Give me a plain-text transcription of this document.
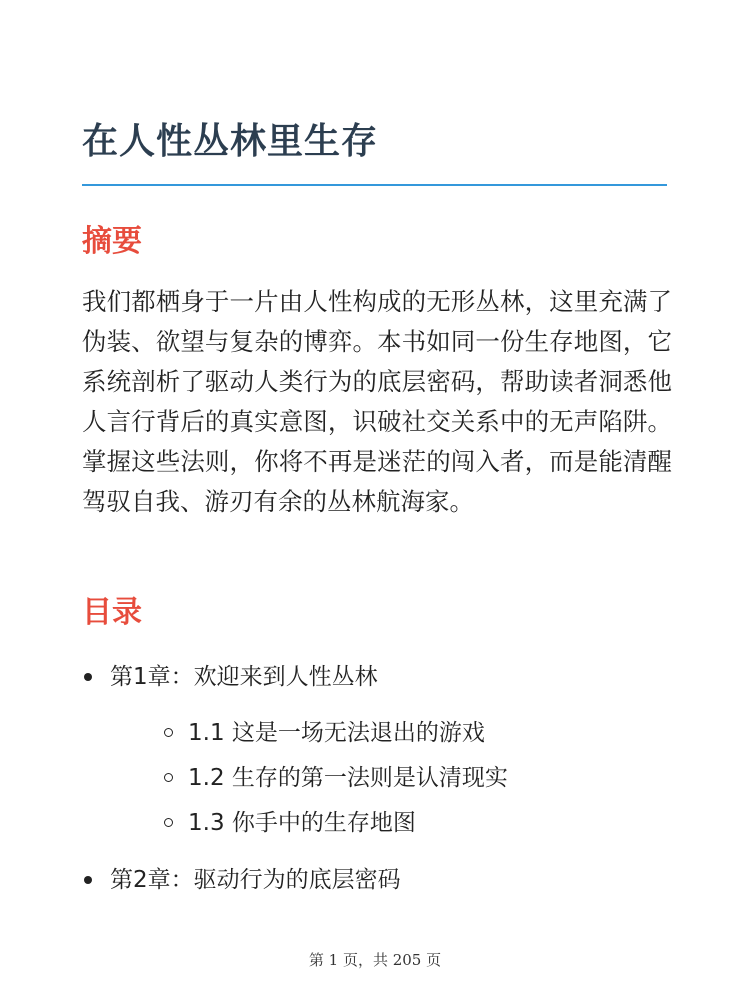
在人性丛林里生存
摘要

我们都栖身于一片由人性构成的无形丛林，这里充满了伪装、欲望与复杂的博弈。本书如同一份生存地图，它系统剖析了驱动人类行为的底层密码，帮助读者洞悉他人言行背后的真实意图，识破社交关系中的无声陷阱。掌握这些法则，你将不再是迷茫的闯入者，而是能清醒驾驭自我、游刃有余的丛林航海家。

目录
第1章：欢迎来到人性丛林
1.1 这是一场无法退出的游戏
1.2 生存的第一法则是认清现实
1.3 你手中的生存地图
第2章：驱动行为的底层密码
第 1 页，共 205 页
